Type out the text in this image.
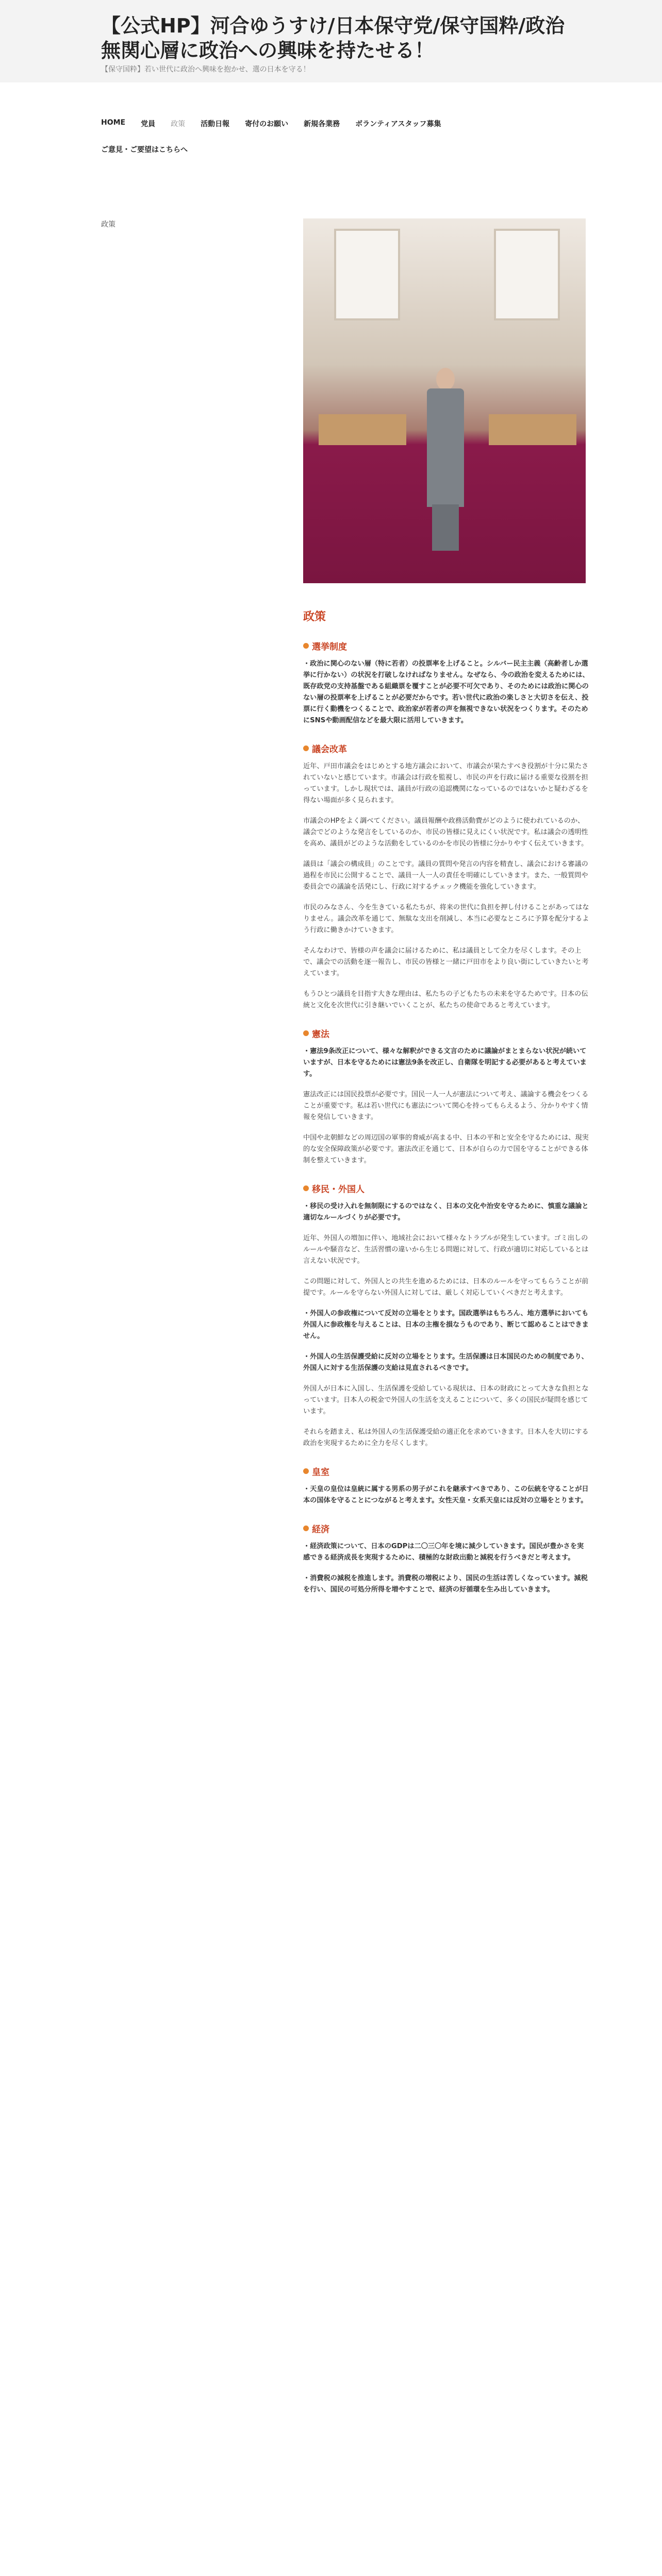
【公式HP】河合ゆうすけ/日本保守党/保守国粋/政治無関心層に政治への興味を持たせる！
【保守国粋】若い世代に政治へ興味を抱かせ、選の日本を守る！
HOME 党員 政策 活動日報 寄付のお願い 新規各業務 ボランティアスタッフ募集
ご意見・ご要望はこちらへ
政策
政策
選挙制度

・政治に関心のない層（特に若者）の投票率を上げること。シルバー民主主義（高齢者しか選挙に行かない）の状況を打破しなければなりません。なぜなら、今の政治を変えるためには、既存政党の支持基盤である組織票を覆すことが必要不可欠であり、そのためには政治に関心のない層の投票率を上げることが必要だからです。若い世代に政治の楽しさと大切さを伝え、投票に行く動機をつくることで、政治家が若者の声を無視できない状況をつくります。そのためにSNSや動画配信などを最大限に活用していきます。

議会改革

近年、戸田市議会をはじめとする地方議会において、市議会が果たすべき役割が十分に果たされていないと感じています。市議会は行政を監視し、市民の声を行政に届ける重要な役割を担っています。しかし現状では、議員が行政の追認機関になっているのではないかと疑わざるを得ない場面が多く見られます。

市議会のHPをよく調べてください。議員報酬や政務活動費がどのように使われているのか、議会でどのような発言をしているのか、市民の皆様に見えにくい状況です。私は議会の透明性を高め、議員がどのような活動をしているのかを市民の皆様に分かりやすく伝えていきます。

議員は「議会の構成員」のことです。議員の質問や発言の内容を精査し、議会における審議の過程を市民に公開することで、議員一人一人の責任を明確にしていきます。また、一般質問や委員会での議論を活発にし、行政に対するチェック機能を強化していきます。

市民のみなさん、今を生きている私たちが、将来の世代に負担を押し付けることがあってはなりません。議会改革を通じて、無駄な支出を削減し、本当に必要なところに予算を配分するよう行政に働きかけていきます。

そんなわけで、皆様の声を議会に届けるために、私は議員として全力を尽くします。その上で、議会での活動を逐一報告し、市民の皆様と一緒に戸田市をより良い街にしていきたいと考えています。

もうひとつ議員を目指す大きな理由は、私たちの子どもたちの未来を守るためです。日本の伝統と文化を次世代に引き継いでいくことが、私たちの使命であると考えています。

憲法

・憲法9条改正について、様々な解釈ができる文言のために議論がまとまらない状況が続いていますが、日本を守るためには憲法9条を改正し、自衛隊を明記する必要があると考えています。

憲法改正には国民投票が必要です。国民一人一人が憲法について考え、議論する機会をつくることが重要です。私は若い世代にも憲法について関心を持ってもらえるよう、分かりやすく情報を発信していきます。

中国や北朝鮮などの周辺国の軍事的脅威が高まる中、日本の平和と安全を守るためには、現実的な安全保障政策が必要です。憲法改正を通じて、日本が自らの力で国を守ることができる体制を整えていきます。

移民・外国人

・移民の受け入れを無制限にするのではなく、日本の文化や治安を守るために、慎重な議論と適切なルールづくりが必要です。

近年、外国人の増加に伴い、地域社会において様々なトラブルが発生しています。ゴミ出しのルールや騒音など、生活習慣の違いから生じる問題に対して、行政が適切に対応しているとは言えない状況です。

この問題に対して、外国人との共生を進めるためには、日本のルールを守ってもらうことが前提です。ルールを守らない外国人に対しては、厳しく対応していくべきだと考えます。

・外国人の参政権について反対の立場をとります。国政選挙はもちろん、地方選挙においても外国人に参政権を与えることは、日本の主権を損なうものであり、断じて認めることはできません。

・外国人の生活保護受給に反対の立場をとります。生活保護は日本国民のための制度であり、外国人に対する生活保護の支給は見直されるべきです。

外国人が日本に入国し、生活保護を受給している現状は、日本の財政にとって大きな負担となっています。日本人の税金で外国人の生活を支えることについて、多くの国民が疑問を感じています。

それらを踏まえ、私は外国人の生活保護受給の適正化を求めていきます。日本人を大切にする政治を実現するために全力を尽くします。

皇室

・天皇の皇位は皇統に属する男系の男子がこれを継承すべきであり、この伝統を守ることが日本の国体を守ることにつながると考えます。女性天皇・女系天皇には反対の立場をとります。

経済

・経済政策について、日本のGDPは二〇三〇年を境に減少していきます。国民が豊かさを実感できる経済成長を実現するために、積極的な財政出動と減税を行うべきだと考えます。

・消費税の減税を推進します。消費税の増税により、国民の生活は苦しくなっています。減税を行い、国民の可処分所得を増やすことで、経済の好循環を生み出していきます。
